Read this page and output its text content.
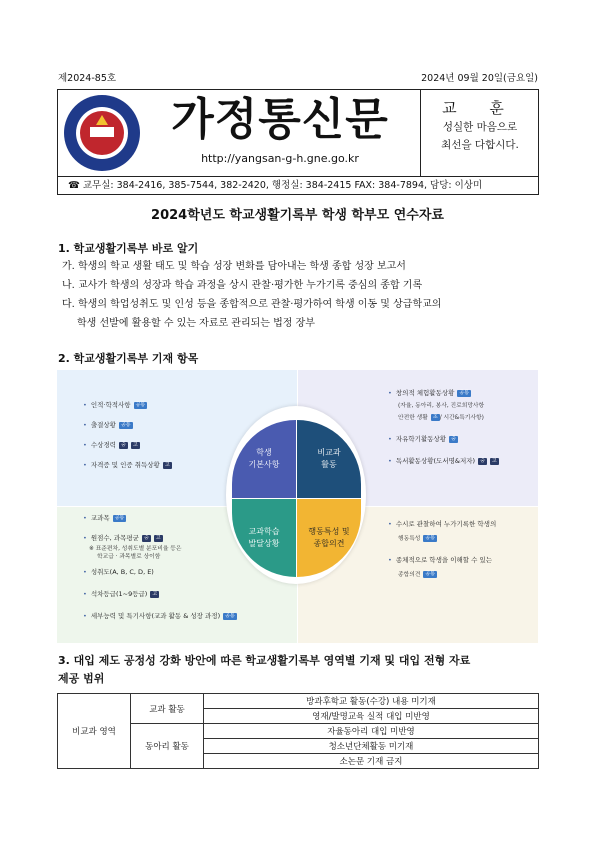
제2024-85호	2024년 09월 20일(금요일)
가정통신문
http://yangsan-g-h.gne.go.kr
교 훈
성실한 마음으로
최선을 다합시다.
☎ 교무실: 384-2416, 385-7544, 382-2420, 행정실: 384-2415 FAX: 384-7894, 담당: 이상미
2024학년도 학교생활기록부 학생 학부모 연수자료
1. 학교생활기록부 바로 알기
가. 학생의 학교 생활 태도 및 학습 성장 변화를 담아내는 학생 종합 성장 보고서
나. 교사가 학생의 성장과 학습 과정을 상시 관찰·평가한 누가기록 중심의 종합 기록
다. 학생의 학업성취도 및 인성 등을 종합적으로 관찰·평가하여 학생 이동 및 상급학교의
학생 선발에 활용할 수 있는 자료로 관리되는 법정 장부
2. 학교생활기록부 기재 항목
• 인적·학적사항 공통
• 출결상황 공통
• 수상경력 중 고
• 자격증 및 인증 취득상황 고
• 창의적 체험활동상황 공통
(자율, 동아리, 봉사, 진로희망사항
안전한 생활 초 / 시간&특기사항)
• 자유학기활동상황 중
• 독서활동상황(도서명&저자) 중 고
• 교과목 공통
• 원점수, 과목평균 중 고
※ 표준편차, 성취도별 분포비율 등은
학교급 · 과목별로 상이함
• 성취도(A, B, C, D, E)
• 석차등급(1~9등급) 고
• 세부능력 및 특기사항(교과 활동 & 성장 과정) 공통
• 수시로 관찰하여 누가기록한 학생의
행동특성 공통
• 종체적으로 학생을 이해할 수 있는
종합의견 공통
학생
기본사항
비교과
활동
교과학습
발달상황
행동특성 및
종합의견
3. 대입 제도 공정성 강화 방안에 따른 학교생활기록부 영역별 기재 및 대입 전형 자료
제공 범위
비교과 영역	교과 활동	방과후학교 활동(수강) 내용 미기재
		영재/발명교육 실적 대입 미반영
	동아리 활동	자율동아리 대입 미반영
		청소년단체활동 미기재
		소논문 기재 금지
